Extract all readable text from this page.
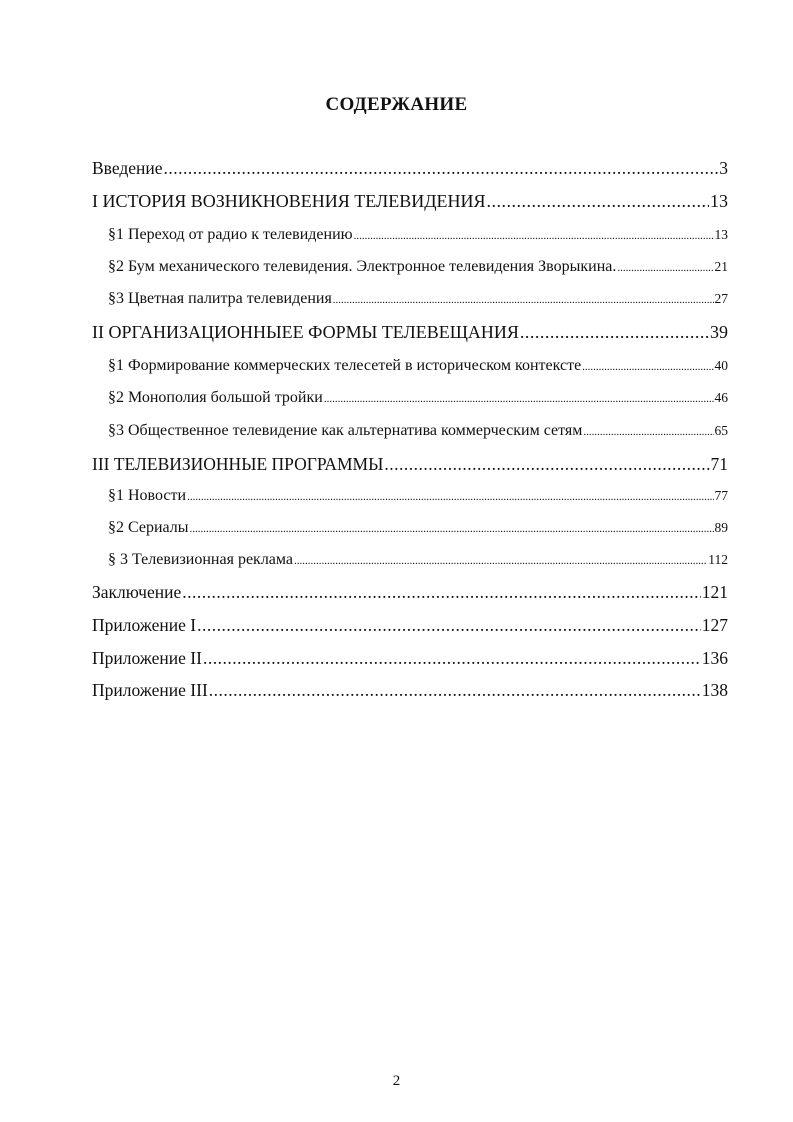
СОДЕРЖАНИЕ
Введение .....	3
I ИСТОРИЯ ВОЗНИКНОВЕНИЯ ТЕЛЕВИДЕНИЯ .....	13
§1 Переход от радио к телевидению .....	13
§2 Бум механического телевидения. Электронное телевидения Зворыкина. .....	21
§3 Цветная палитра телевидения .....	27
II ОРГАНИЗАЦИОННЫЕЕ ФОРМЫ ТЕЛЕВЕЩАНИЯ .....	39
§1 Формирование коммерческих телесетей в историческом контексте .....	40
§2 Монополия большой тройки .....	46
§3 Общественное телевидение как альтернатива коммерческим сетям .....	65
III ТЕЛЕВИЗИОННЫЕ ПРОГРАММЫ .....	71
§1 Новости .....	77
§2 Сериалы .....	89
§ 3 Телевизионная реклама .....	112
Заключение .....	121
Приложение I .....	127
Приложение II .....	136
Приложение III .....	138
2
